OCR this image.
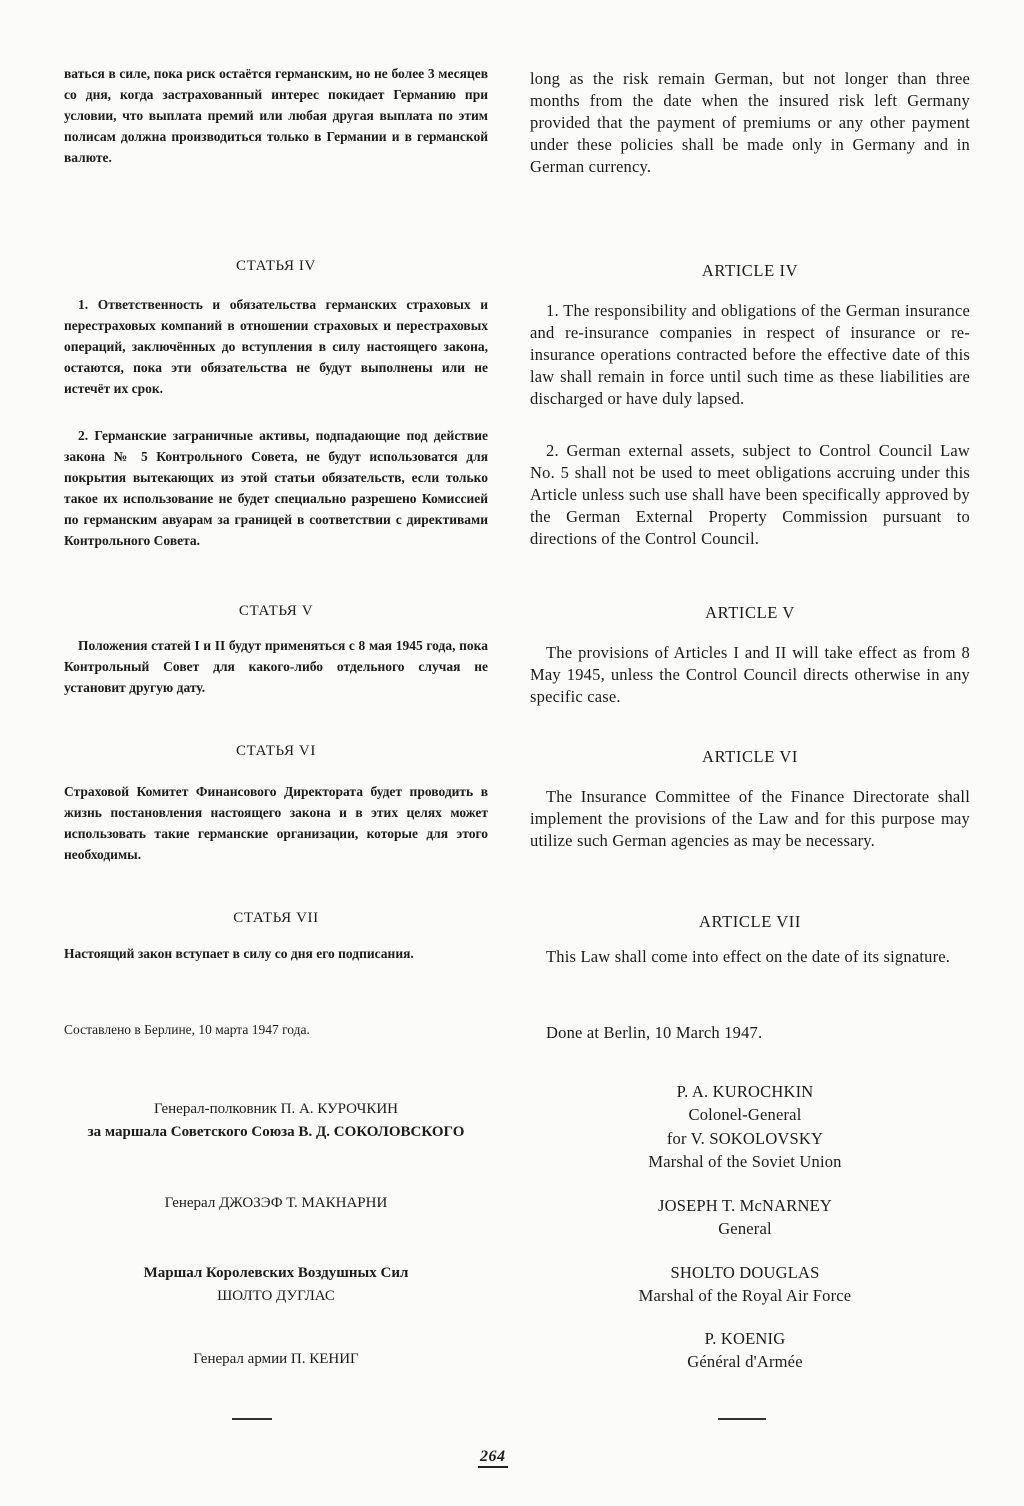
ваться в силе, пока риск остаётся германским, но не более 3 месяцев со дня, когда застрахованный интерес покидает Германию при условии, что выплата премий или любая другая выплата по этим полисам должна производиться только в Германии и в германской валюте.

СТАТЬЯ IV

1. Ответственность и обязательства германских страховых и перестраховых компаний в отношении страховых и перестраховых операций, заключённых до вступления в силу настоящего закона, остаются, пока эти обязательства не будут выполнены или не истечёт их срок.

2. Германские заграничные активы, подпадающие под действие закона № 5 Контрольного Совета, не будут использоватся для покрытия вытекающих из этой статьи обязательств, если только такое их использование не будет специально разрешено Комиссией по германским авуарам за границей в соответствии с директивами Контрольного Совета.

СТАТЬЯ V

Положения статей I и II будут применяться с 8 мая 1945 года, пока Контрольный Совет для какого-либо отдельного случая не установит другую дату.

СТАТЬЯ VI

Страховой Комитет Финансового Директората будет проводить в жизнь постановления настоящего закона и в этих целях может использовать такие германские организации, которые для этого необходимы.

СТАТЬЯ VII

Настоящий закон вступает в силу со дня его подписания.

Составлено в Берлине, 10 марта 1947 года.

Генерал-полковник П. А. КУРОЧКИН

за маршала Советского Союза В. Д. СОКОЛОВСКОГО

Генерал ДЖОЗЭФ Т. МАКНАРНИ

Маршал Королевских Воздушных Сил

ШОЛТО ДУГЛАС

Генерал армии П. КЕНИГ

long as the risk remain German, but not longer than three months from the date when the insured risk left Germany provided that the payment of premiums or any other payment under these policies shall be made only in Germany and in German currency.

ARTICLE IV

1. The responsibility and obligations of the German insurance and re-insurance companies in respect of insurance or re-insurance operations contracted before the effective date of this law shall remain in force until such time as these liabilities are discharged or have duly lapsed.

2. German external assets, subject to Control Council Law No. 5 shall not be used to meet obligations accruing under this Article unless such use shall have been specifically approved by the German External Property Commission pursuant to directions of the Control Council.

ARTICLE V

The provisions of Articles I and II will take effect as from 8 May 1945, unless the Control Council directs otherwise in any specific case.

ARTICLE VI

The Insurance Committee of the Finance Directorate shall implement the provisions of the Law and for this purpose may utilize such German agencies as may be necessary.

ARTICLE VII

This Law shall come into effect on the date of its signature.

Done at Berlin, 10 March 1947.

P. A. KUROCHKIN

Colonel-General

for V. SOKOLOVSKY

Marshal of the Soviet Union

JOSEPH T. McNARNEY

General

SHOLTO DOUGLAS

Marshal of the Royal Air Force

P. KOENIG

Général d'Armée

264
